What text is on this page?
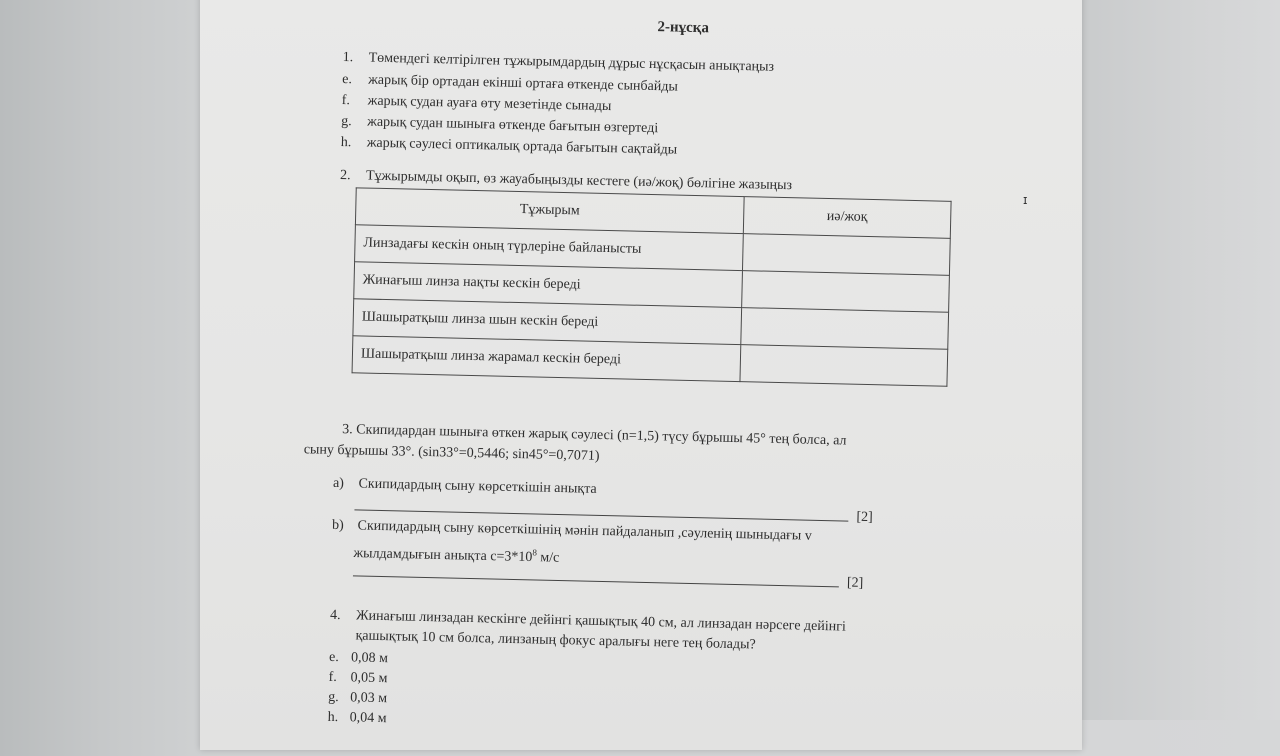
2-нұсқа
1. Төмендегі келтірілген тұжырымдардың дұрыс нұсқасын анықтаңыз
e. жарық бір ортадан екінші ортаға өткенде сынбайды
f. жарық судан ауаға өту мезетінде сынады
g. жарық судан шыныға өткенде бағытын өзгертеді
h. жарық сәулесі оптикалық ортада бағытын сақтайды
2. Тұжырымды оқып, өз жауабыңызды кестеге (иә/жоқ) бөлігіне жазыңыз
Тұжырым	иә/жоқ
Линзадағы кескін оның түрлеріне байланысты	
Жинағыш линза нақты кескін береді	
Шашыратқыш линза шын кескін береді	
Шашыратқыш линза жарамал кескін береді	
3. Скипидардан шыныға өткен жарық сәулесі (n=1,5) түсу бұрышы 45° тең болса, ал
сыну бұрышы 33°. (sin33°=0,5446; sin45°=0,7071)
a) Скипидардың сыну көрсеткішін анықта
[2]
b) Скипидардың сыну көрсеткішінің мәнін пайдаланып ,сәуленің шыныдағы v
жылдамдығын анықта $c=3*10^8$ м/с
[2]
4. Жинағыш линзадан кескінге дейінгі қашықтық 40 см, ал линзадан нәрсеге дейінгі
қашықтық 10 см болса, линзаның фокус аралығы неге тең болады?
e. 0,08 м
f. 0,05 м
g. 0,03 м
h. 0,04 м
ɪ
